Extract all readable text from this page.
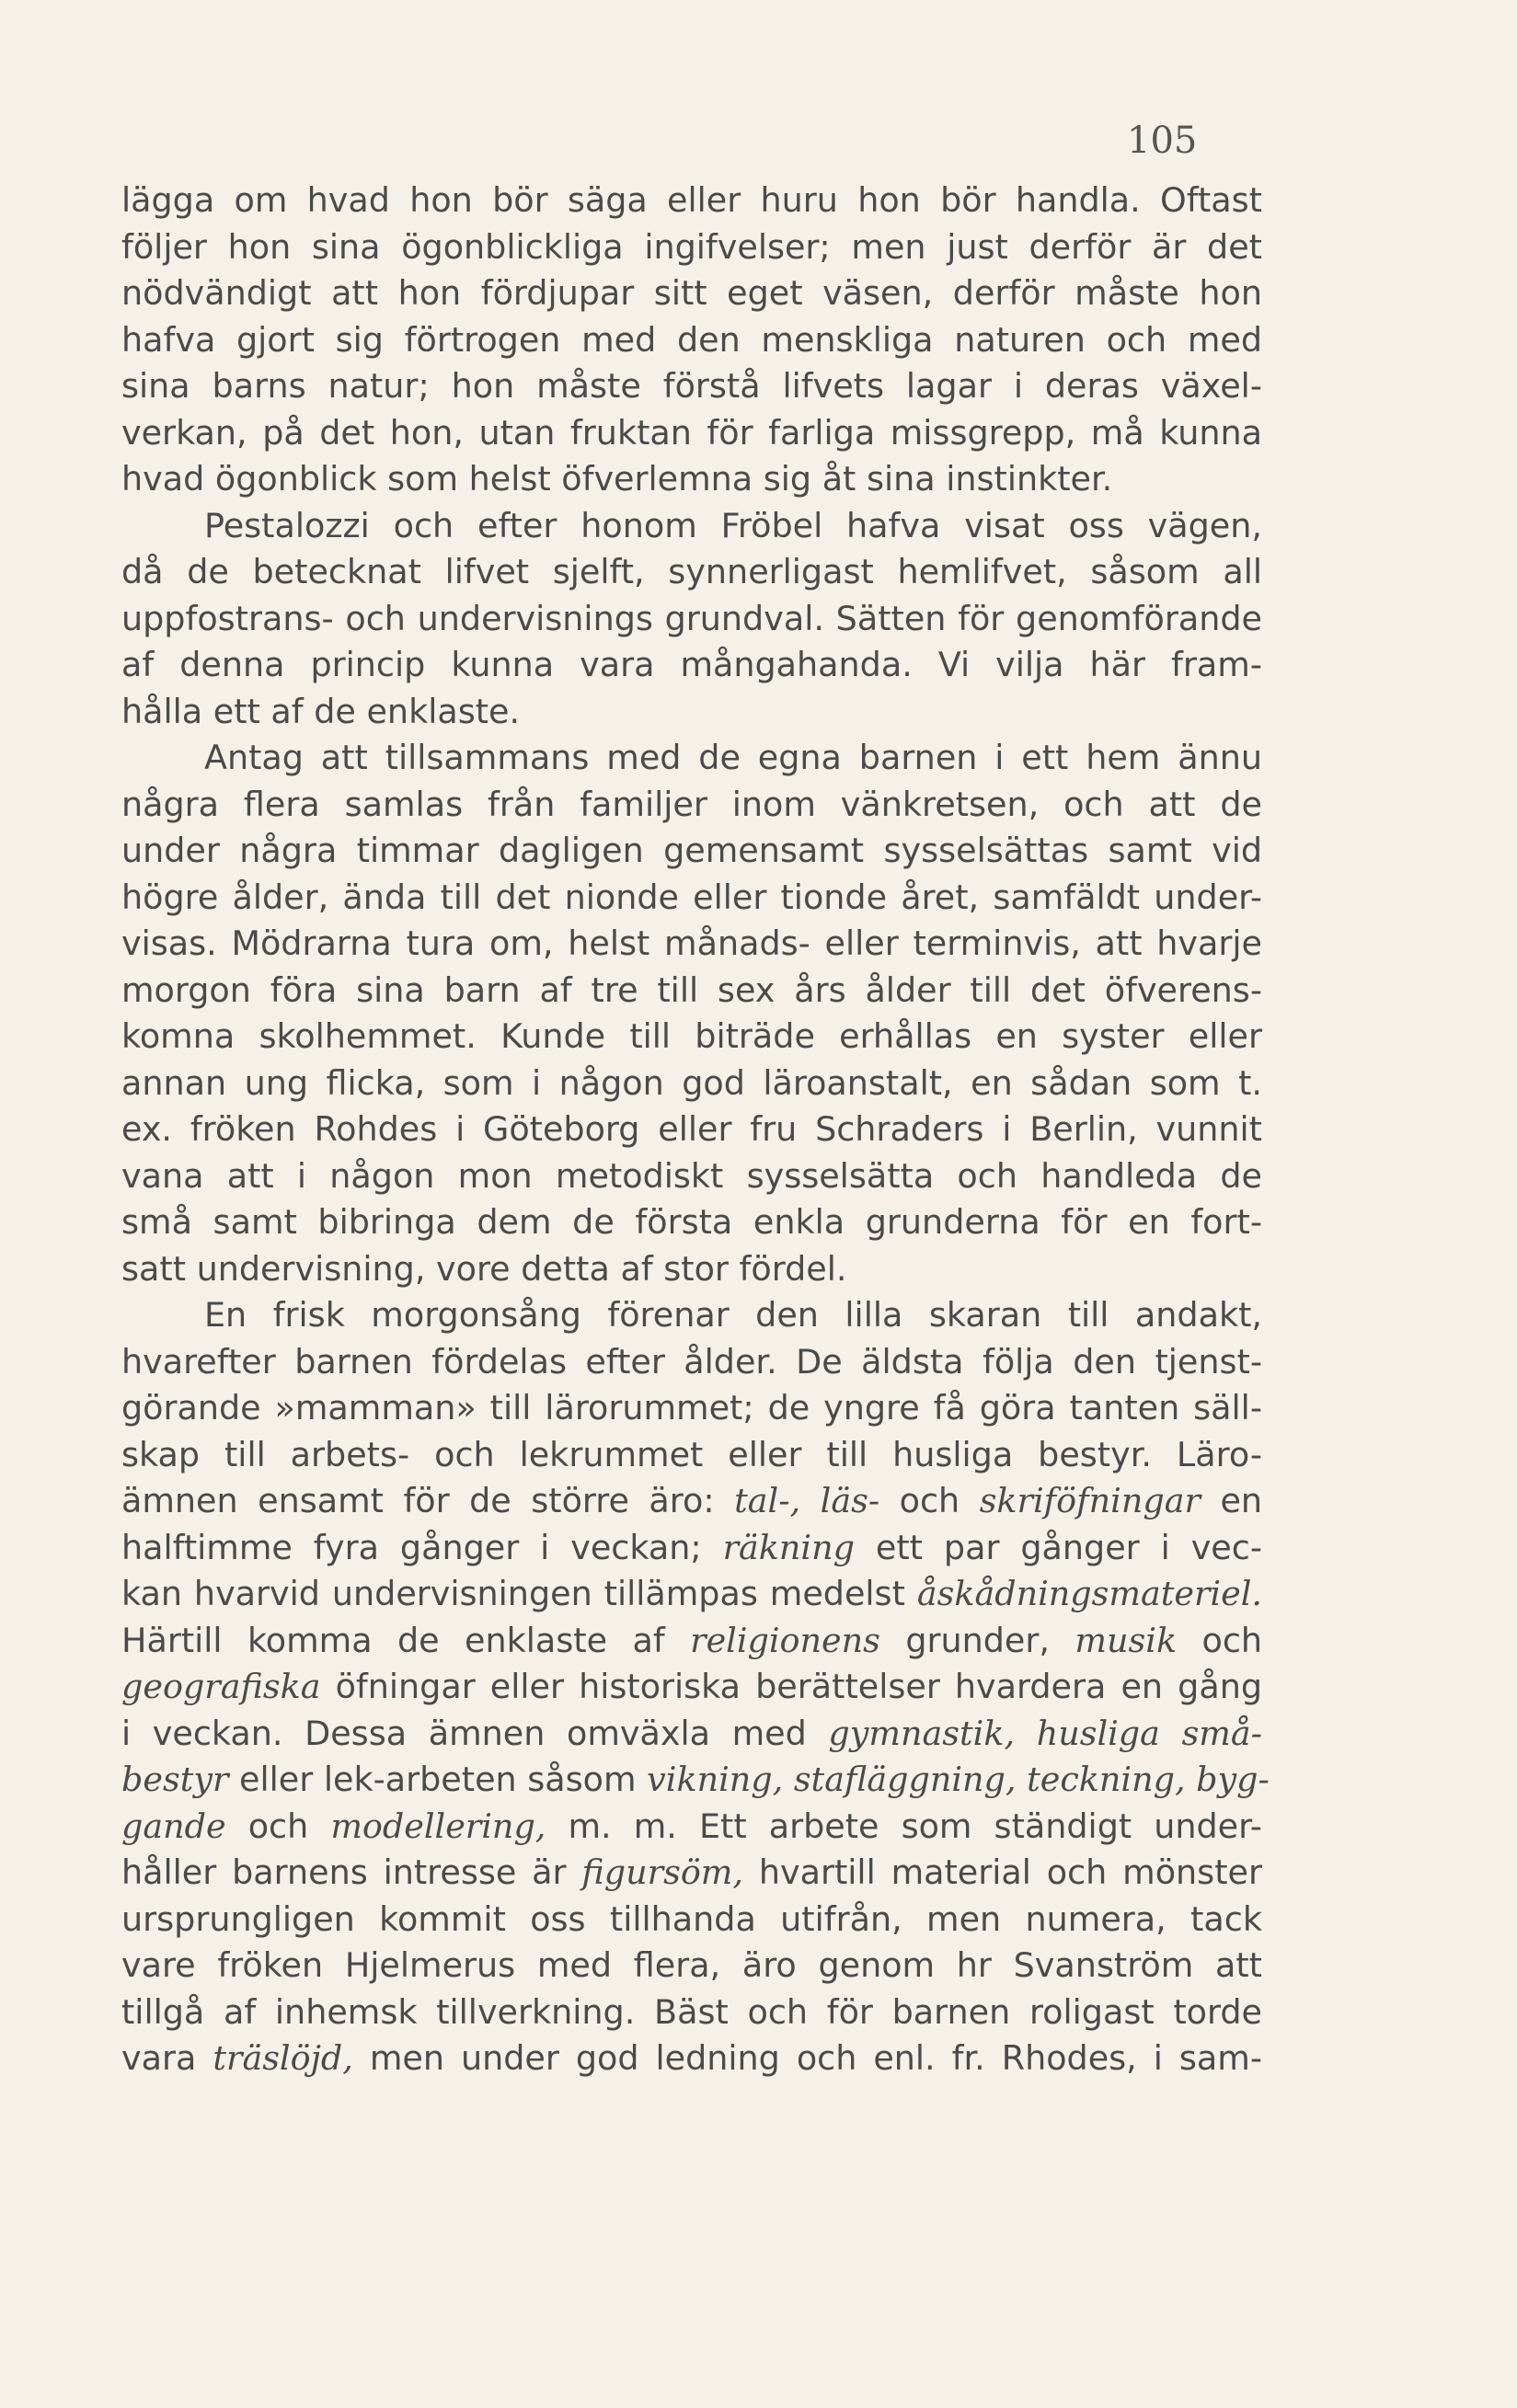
105
lägga om hvad hon bör säga eller huru hon bör handla. Oftast
följer hon sina ögonblickliga ingifvelser; men just derför är det
nödvändigt att hon fördjupar sitt eget väsen, derför måste hon
hafva gjort sig förtrogen med den menskliga naturen och med
sina barns natur; hon måste förstå lifvets lagar i deras växel-
verkan, på det hon, utan fruktan för farliga missgrepp, må kunna
hvad ögonblick som helst öfverlemna sig åt sina instinkter.
Pestalozzi och efter honom Fröbel hafva visat oss vägen,
då de betecknat lifvet sjelft, synnerligast hemlifvet, såsom all
uppfostrans- och undervisnings grundval. Sätten för genomförande
af denna princip kunna vara mångahanda. Vi vilja här fram-
hålla ett af de enklaste.
Antag att tillsammans med de egna barnen i ett hem ännu
några flera samlas från familjer inom vänkretsen, och att de
under några timmar dagligen gemensamt sysselsättas samt vid
högre ålder, ända till det nionde eller tionde året, samfäldt under-
visas. Mödrarna tura om, helst månads- eller terminvis, att hvarje
morgon föra sina barn af tre till sex års ålder till det öfverens-
komna skolhemmet. Kunde till biträde erhållas en syster eller
annan ung flicka, som i någon god läroanstalt, en sådan som t.
ex. fröken Rohdes i Göteborg eller fru Schraders i Berlin, vunnit
vana att i någon mon metodiskt sysselsätta och handleda de
små samt bibringa dem de första enkla grunderna för en fort-
satt undervisning, vore detta af stor fördel.
En frisk morgonsång förenar den lilla skaran till andakt,
hvarefter barnen fördelas efter ålder. De äldsta följa den tjenst-
görande »mamman» till lärorummet; de yngre få göra tanten säll-
skap till arbets- och lekrummet eller till husliga bestyr. Läro-
ämnen ensamt för de större äro: tal-, läs- och skriföfningar en
halftimme fyra gånger i veckan; räkning ett par gånger i vec-
kan hvarvid undervisningen tillämpas medelst åskådningsmateriel.
Härtill komma de enklaste af religionens grunder, musik och
geografiska öfningar eller historiska berättelser hvardera en gång
i veckan. Dessa ämnen omväxla med gymnastik, husliga små-
bestyr eller lek-arbeten såsom vikning, stafläggning, teckning, byg-
gande och modellering, m. m. Ett arbete som ständigt under-
håller barnens intresse är figursöm, hvartill material och mönster
ursprungligen kommit oss tillhanda utifrån, men numera, tack
vare fröken Hjelmerus med flera, äro genom hr Svanström att
tillgå af inhemsk tillverkning. Bäst och för barnen roligast torde
vara träslöjd, men under god ledning och enl. fr. Rhodes, i sam-
